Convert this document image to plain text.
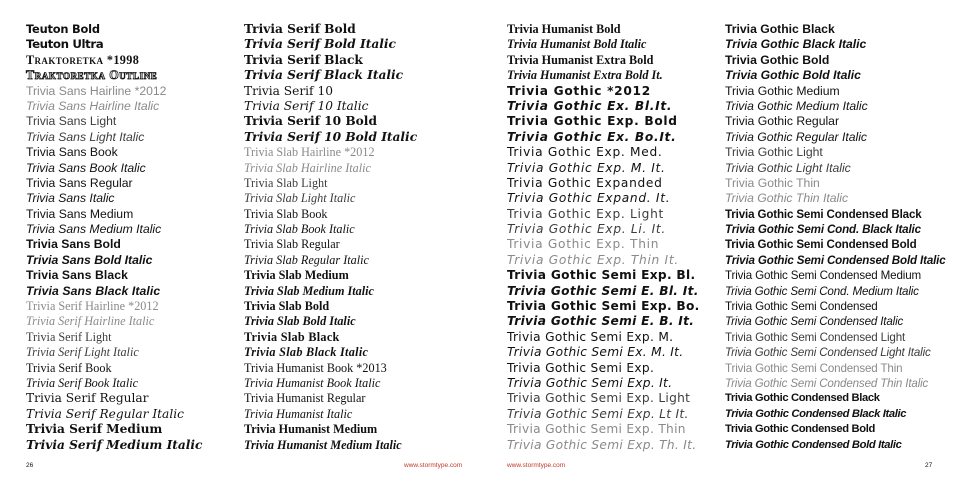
Teuton Bold
Teuton Ultra
Traktoretka *1998
Traktoretka Outline
Trivia Sans Hairline *2012
Trivia Sans Hairline Italic
Trivia Sans Light
Trivia Sans Light Italic
Trivia Sans Book
Trivia Sans Book Italic
Trivia Sans Regular
Trivia Sans Italic
Trivia Sans Medium
Trivia Sans Medium Italic
Trivia Sans Bold
Trivia Sans Bold Italic
Trivia Sans Black
Trivia Sans Black Italic
Trivia Serif Hairline *2012
Trivia Serif Hairline Italic
Trivia Serif Light
Trivia Serif Light Italic
Trivia Serif Book
Trivia Serif Book Italic
Trivia Serif Regular
Trivia Serif Regular Italic
Trivia Serif Medium
Trivia Serif Medium Italic
Trivia Serif Bold
Trivia Serif Bold Italic
Trivia Serif Black
Trivia Serif Black Italic
Trivia Serif 10
Trivia Serif 10 Italic
Trivia Serif 10 Bold
Trivia Serif 10 Bold Italic
Trivia Slab Hairline *2012
Trivia Slab Hairline Italic
Trivia Slab Light
Trivia Slab Light Italic
Trivia Slab Book
Trivia Slab Book Italic
Trivia Slab Regular
Trivia Slab Regular Italic
Trivia Slab Medium
Trivia Slab Medium Italic
Trivia Slab Bold
Trivia Slab Bold Italic
Trivia Slab Black
Trivia Slab Black Italic
Trivia Humanist Book *2013
Trivia Humanist Book Italic
Trivia Humanist Regular
Trivia Humanist Italic
Trivia Humanist Medium
Trivia Humanist Medium Italic
Trivia Humanist Bold
Trivia Humanist Bold Italic
Trivia Humanist Extra Bold
Trivia Humanist Extra Bold It.
Trivia Gothic *2012
Trivia Gothic Ex. Bl.It.
Trivia Gothic Exp. Bold
Trivia Gothic Ex. Bo.It.
Trivia Gothic Exp. Med.
Trivia Gothic Exp. M. It.
Trivia Gothic Expanded
Trivia Gothic Expand. It.
Trivia Gothic Exp. Light
Trivia Gothic Exp. Li. It.
Trivia Gothic Exp. Thin
Trivia Gothic Exp. Thin It.
Trivia Gothic Semi Exp. Bl.
Trivia Gothic Semi E. Bl. It.
Trivia Gothic Semi Exp. Bo.
Trivia Gothic Semi E. B. It.
Trivia Gothic Semi Exp. M.
Trivia Gothic Semi Ex. M. It.
Trivia Gothic Semi Exp.
Trivia Gothic Semi Exp. It.
Trivia Gothic Semi Exp. Light
Trivia Gothic Semi Exp. Lt It.
Trivia Gothic Semi Exp. Thin
Trivia Gothic Semi Exp. Th. It.
Trivia Gothic Black
Trivia Gothic Black Italic
Trivia Gothic Bold
Trivia Gothic Bold Italic
Trivia Gothic Medium
Trivia Gothic Medium Italic
Trivia Gothic Regular
Trivia Gothic Regular Italic
Trivia Gothic Light
Trivia Gothic Light Italic
Trivia Gothic Thin
Trivia Gothic Thin Italic
Trivia Gothic Semi Condensed Black
Trivia Gothic Semi Cond. Black Italic
Trivia Gothic Semi Condensed Bold
Trivia Gothic Semi Condensed Bold Italic
Trivia Gothic Semi Condensed Medium
Trivia Gothic Semi Cond. Medium Italic
Trivia Gothic Semi Condensed
Trivia Gothic Semi Condensed Italic
Trivia Gothic Semi Condensed Light
Trivia Gothic Semi Condensed Light Italic
Trivia Gothic Semi Condensed Thin
Trivia Gothic Semi Condensed Thin Italic
Trivia Gothic Condensed Black
Trivia Gothic Condensed Black Italic
Trivia Gothic Condensed Bold
Trivia Gothic Condensed Bold Italic
26	www.stormtype.com	www.stormtype.com	27
